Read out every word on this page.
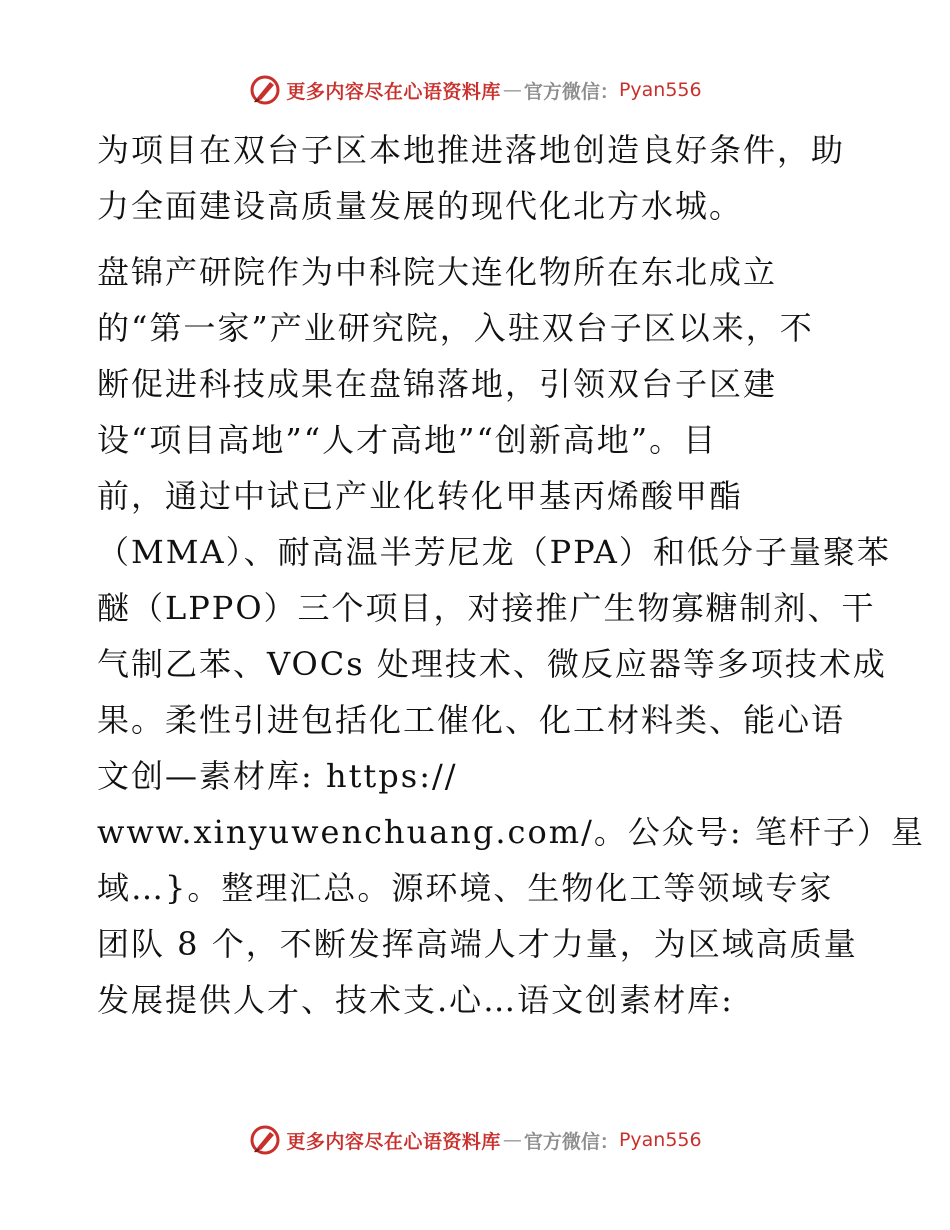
更多内容尽在心语资料库 — 官方微信： Pyan556
为项目在双台子区本地推进落地创造良好条件，助
力全面建设高质量发展的现代化北方水城。
盘锦产研院作为中科院大连化物所在东北成立
的“第一家”产业研究院，入驻双台子区以来，不
断促进科技成果在盘锦落地，引领双台子区建
设“项目高地”“人才高地”“创新高地”。目
前，通过中试已产业化转化甲基丙烯酸甲酯
（MMA）、耐高温半芳尼龙（PPA）和低分子量聚苯
醚（LPPO）三个项目，对接推广生物寡糖制剂、干
气制乙苯、VOCs 处理技术、微反应器等多项技术成
果。柔性引进包括化工催化、化工材料类、能心语
文创—素材库: https://
www.xinyuwenchuang.com/。公众号: 笔杆子）星
域…}。整理汇总。源环境、生物化工等领域专家
团队 8 个，不断发挥高端人才力量，为区域高质量
发展提供人才、技术支.心…语文创素材库:
更多内容尽在心语资料库 — 官方微信： Pyan556
